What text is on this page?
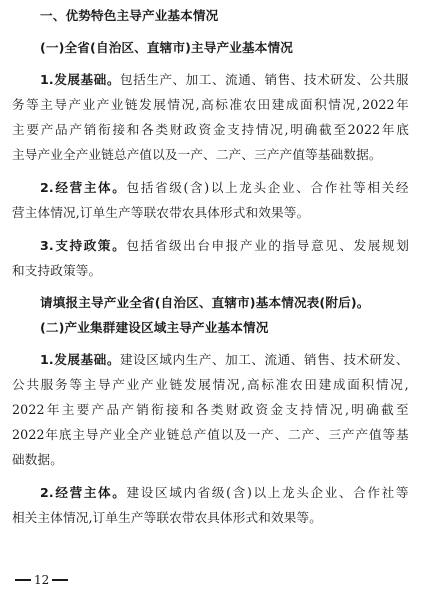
一、优势特色主导产业基本情况
(一)全省(自治区、直辖市)主导产业基本情况
1. 发 展 基 础 。 包 括 生 产 、 加 工 、 流 通 、 销 售 、 技 术 研 发 、 公 共 服
务 等 主 导 产 业 产 业 链 发 展 情 况 , 高 标 准 农 田 建 成 面 积 情 况 , 2022 年
主 要 产 品 产 销 衔 接 和 各 类 财 政 资 金 支 持 情 况 , 明 确 截 至 2022 年 底
主导产业全产业链总产值以及一产、二产、三产产值等基础数据。
2. 经 营 主 体 。 包 括 省 级 ( 含 ) 以 上 龙 头 企 业 、 合 作 社 等 相 关 经
营主体情况,订单生产等联农带农具体形式和效果等。
3. 支 持 政 策 。 包 括 省 级 出 台 申 报 产 业 的 指 导 意 见 、 发 展 规 划
和支持政策等。
请填报主导产业全省(自治区、直辖市)基本情况表(附后)。
(二)产业集群建设区域主导产业基本情况
1. 发 展 基 础 。 建 设 区 域 内 生 产 、 加 工 、 流 通 、 销 售 、 技 术 研 发 、
公 共 服 务 等 主 导 产 业 产 业 链 发 展 情 况 , 高 标 准 农 田 建 成 面 积 情 况 ,
2022 年 主 要 产 品 产 销 衔 接 和 各 类 财 政 资 金 支 持 情 况 , 明 确 截 至
2022 年 底 主 导 产 业 全 产 业 链 总 产 值 以 及 一 产 、 二 产 、 三 产 产 值 等 基
础数据。
2. 经 营 主 体 。 建 设 区 域 内 省 级 ( 含 ) 以 上 龙 头 企 业 、 合 作 社 等
相关主体情况,订单生产等联农带农具体形式和效果等。
12
